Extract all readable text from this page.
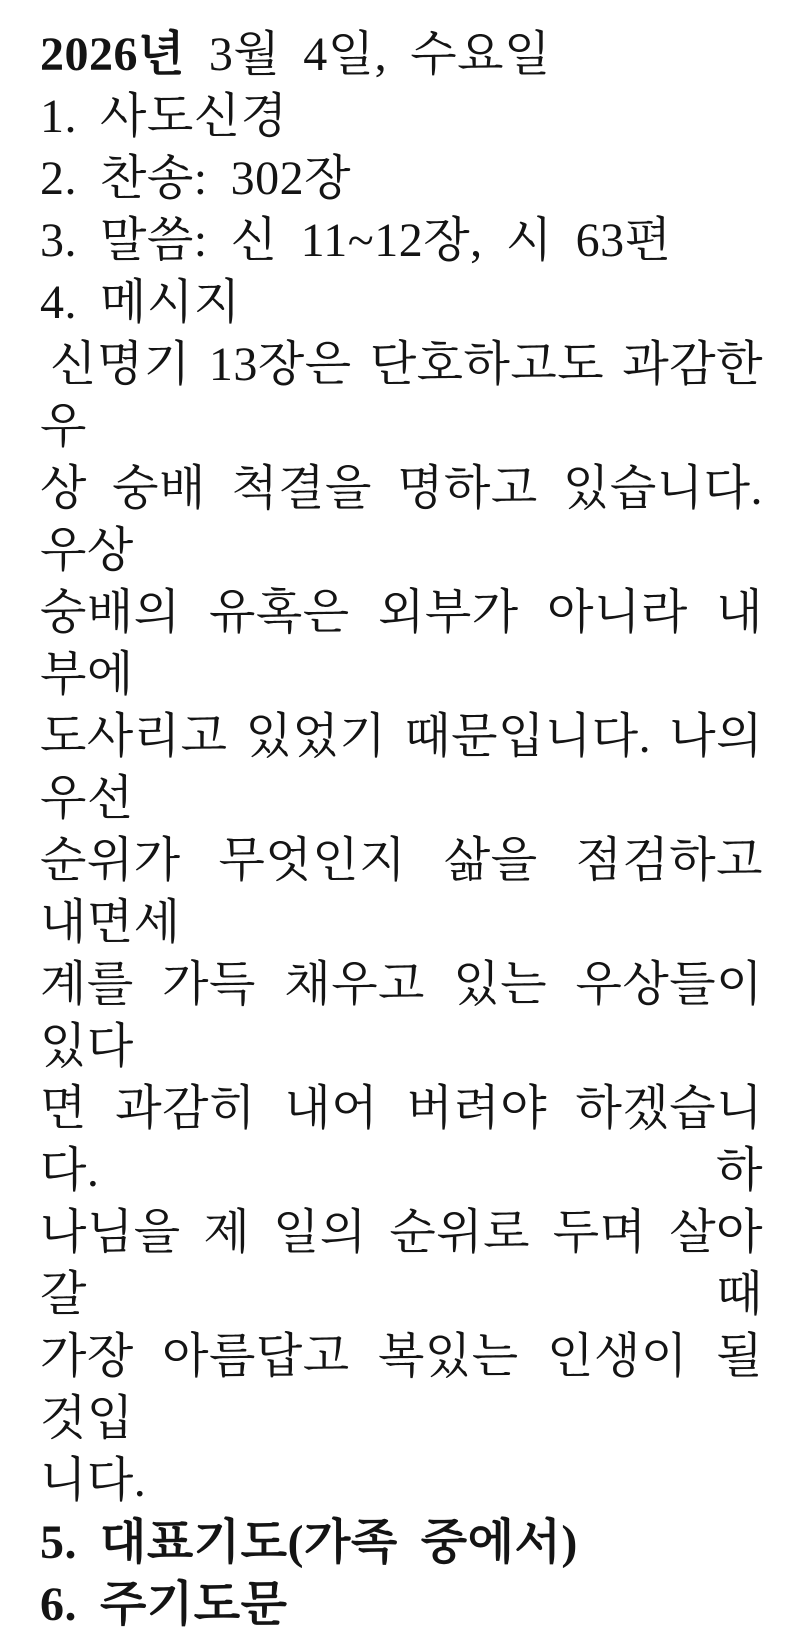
2026년 3월 4일, 수요일
1. 사도신경
2. 찬송: 302장
3. 말씀: 신 11~12장, 시 63편
4. 메시지
신명기 13장은 단호하고도 과감한 우
상 숭배 척결을 명하고 있습니다. 우상
숭배의 유혹은 외부가 아니라 내부에
도사리고 있었기 때문입니다. 나의 우선
순위가 무엇인지 삶을 점검하고 내면세
계를 가득 채우고 있는 우상들이 있다
면 과감히 내어 버려야 하겠습니다. 하
나님을 제 일의 순위로 두며 살아갈 때
가장 아름답고 복있는 인생이 될 것입
니다.
5. 대표기도(가족 중에서)
6. 주기도문
